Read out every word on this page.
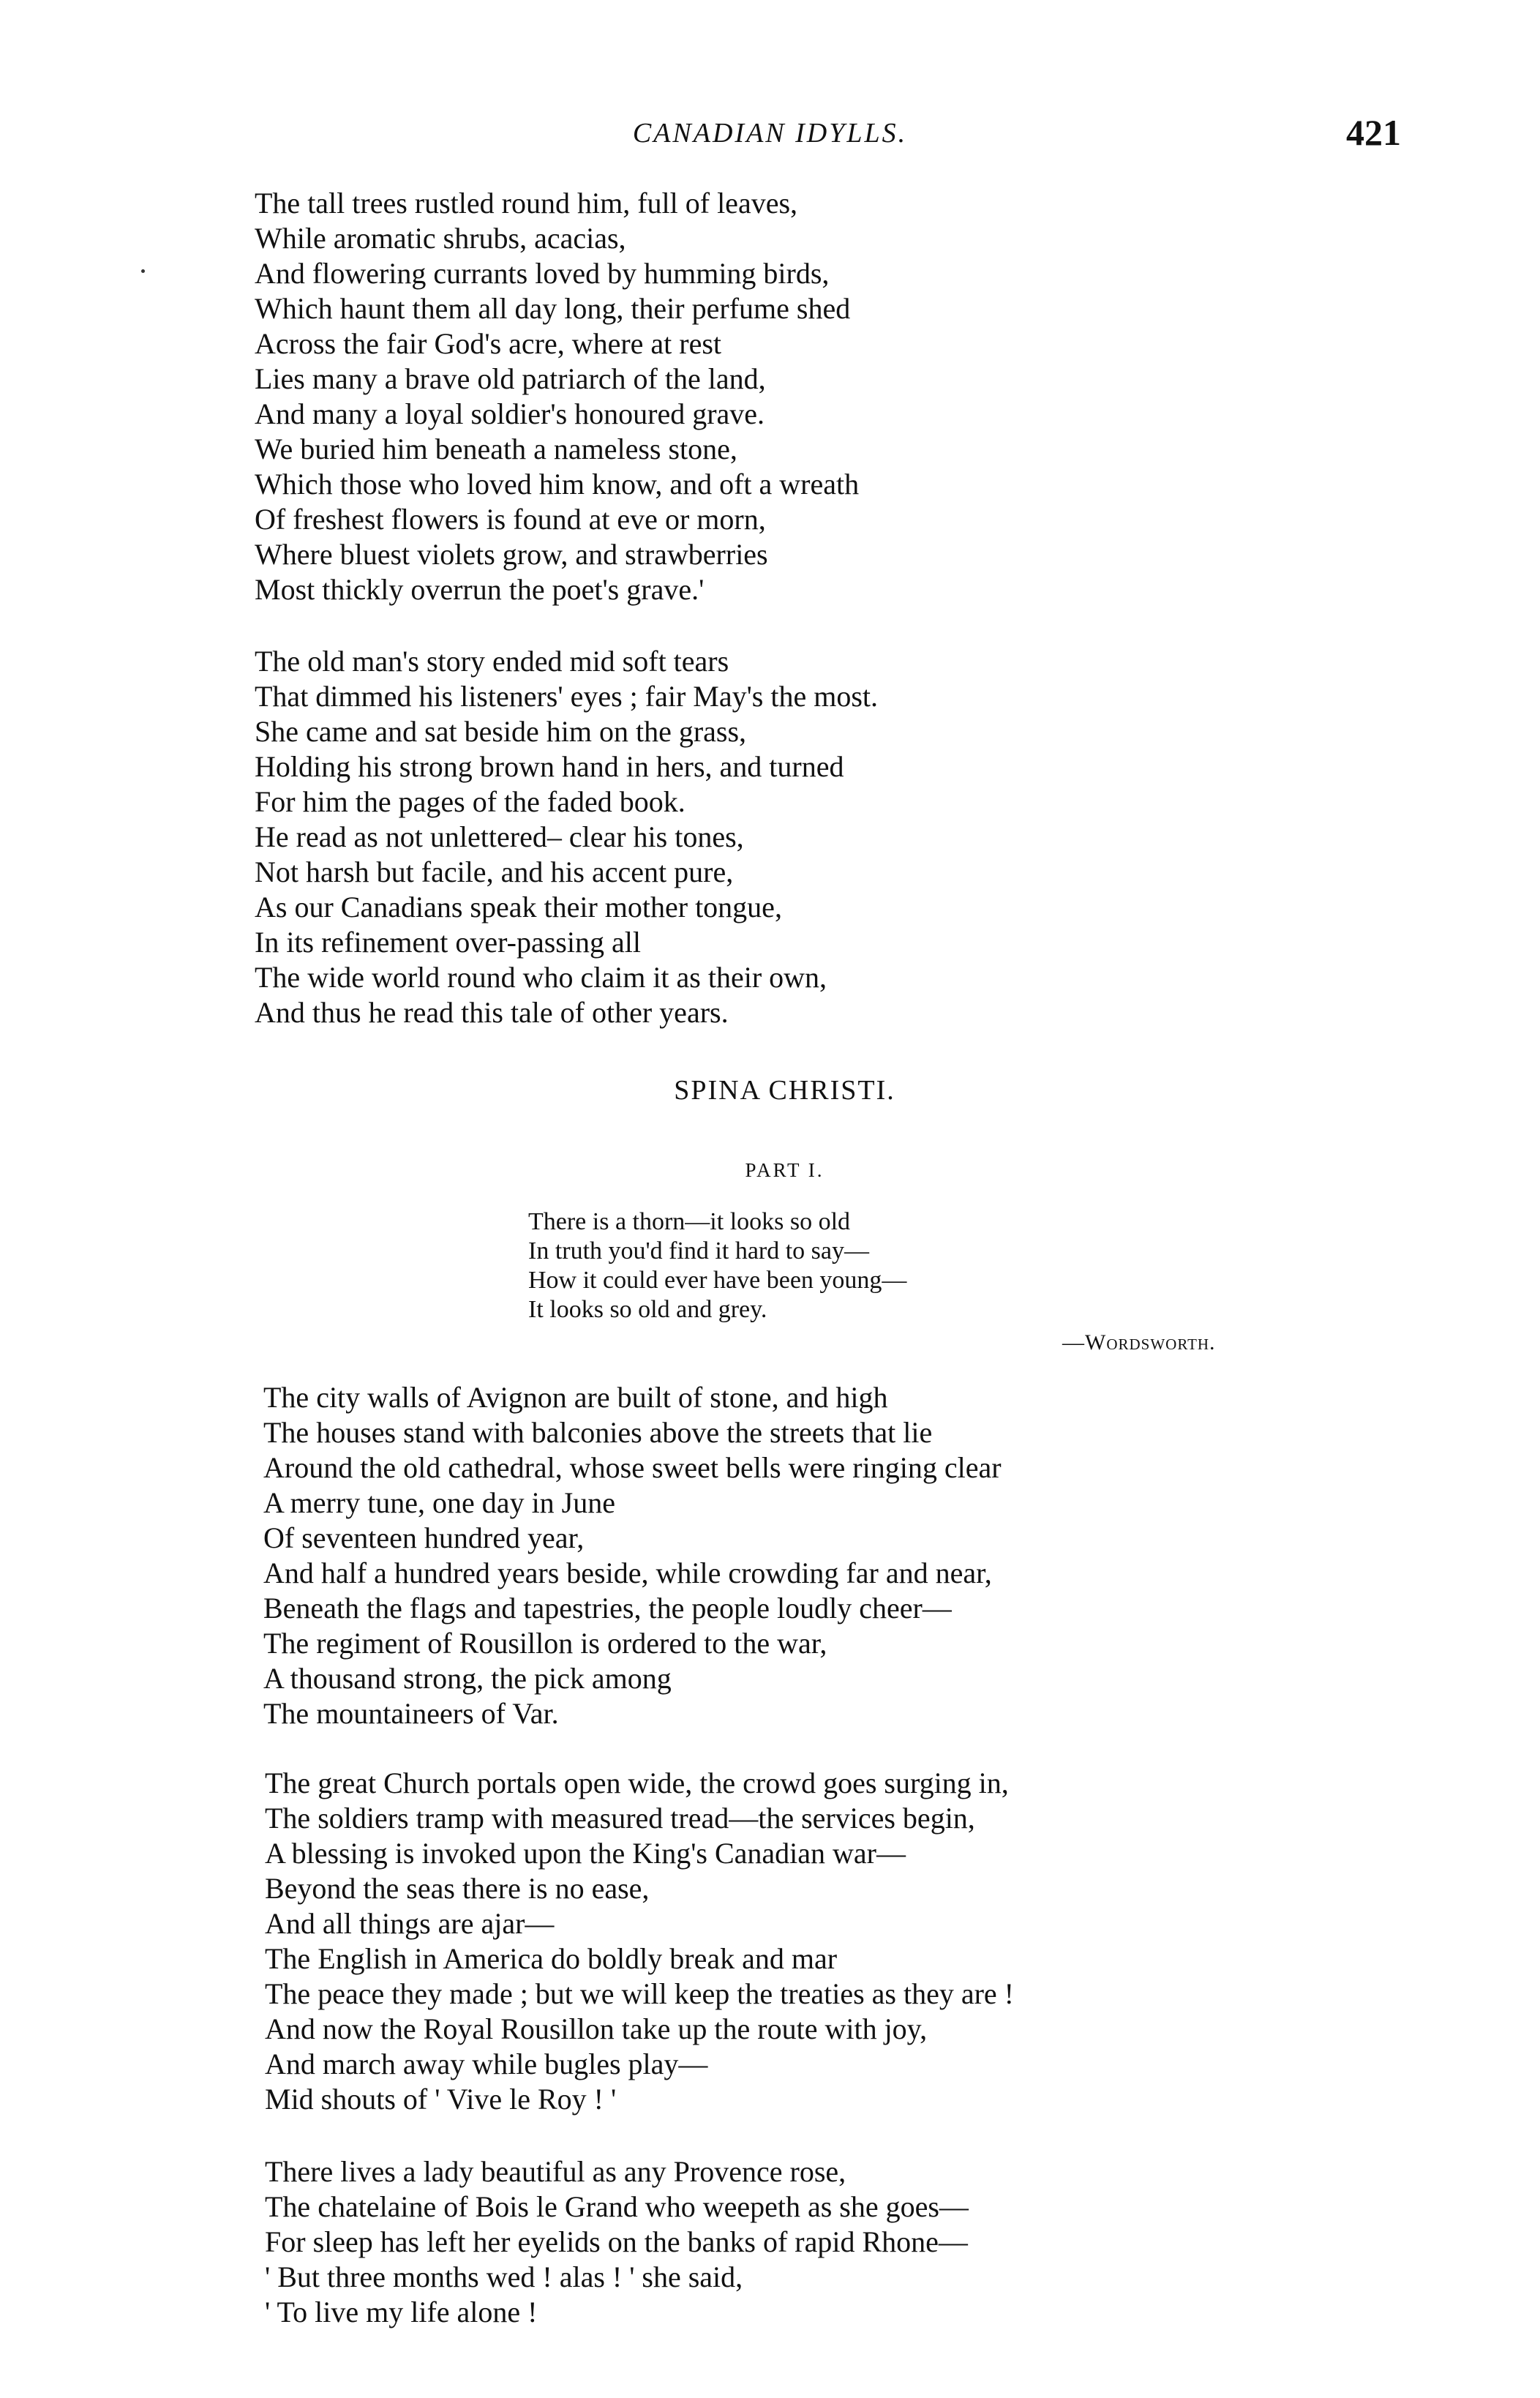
CANADIAN IDYLLS.	421
The tall trees rustled round him, full of leaves,
While aromatic shrubs, acacias,
And flowering currants loved by humming birds,
Which haunt them all day long, their perfume shed
Across the fair God's acre, where at rest
Lies many a brave old patriarch of the land,
And many a loyal soldier's honoured grave.
We buried him beneath a nameless stone,
Which those who loved him know, and oft a wreath
Of freshest flowers is found at eve or morn,
Where bluest violets grow, and strawberries
Most thickly overrun the poet's grave.'
The old man's story ended mid soft tears
That dimmed his listeners' eyes ; fair May's the most.
She came and sat beside him on the grass,
Holding his strong brown hand in hers, and turned
For him the pages of the faded book.
He read as not unlettered– clear his tones,
Not harsh but facile, and his accent pure,
As our Canadians speak their mother tongue,
In its refinement over-passing all
The wide world round who claim it as their own,
And thus he read this tale of other years.
SPINA CHRISTI.
PART I.
There is a thorn—it looks so old
In truth you'd find it hard to say—
How it could ever have been young—
It looks so old and grey.
—Wordsworth.
The city walls of Avignon are built of stone, and high
The houses stand with balconies above the streets that lie
Around the old cathedral, whose sweet bells were ringing clear
A merry tune, one day in June
Of seventeen hundred year,
And half a hundred years beside, while crowding far and near,
Beneath the flags and tapestries, the people loudly cheer—
The regiment of Rousillon is ordered to the war,
A thousand strong, the pick among
The mountaineers of Var.
The great Church portals open wide, the crowd goes surging in,
The soldiers tramp with measured tread—the services begin,
A blessing is invoked upon the King's Canadian war—
Beyond the seas there is no ease,
And all things are ajar—
The English in America do boldly break and mar
The peace they made ; but we will keep the treaties as they are !
And now the Royal Rousillon take up the route with joy,
And march away while bugles play—
Mid shouts of ' Vive le Roy ! '
There lives a lady beautiful as any Provence rose,
The chatelaine of Bois le Grand who weepeth as she goes—
For sleep has left her eyelids on the banks of rapid Rhone—
' But three months wed ! alas ! ' she said,
' To live my life alone !
